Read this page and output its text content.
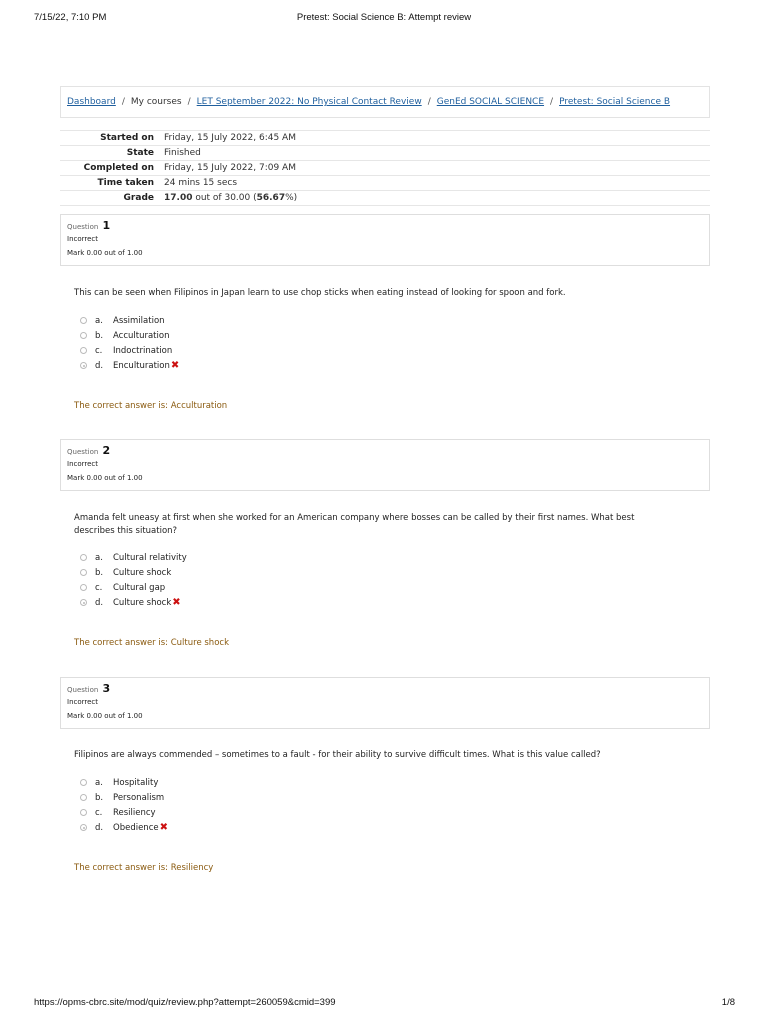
7/15/22, 7:10 PM	Pretest: Social Science B: Attempt review
Dashboard / My courses / LET September 2022: No Physical Contact Review / GenEd SOCIAL SCIENCE / Pretest: Social Science B
Started on	Friday, 15 July 2022, 6:45 AM
State	Finished
Completed on	Friday, 15 July 2022, 7:09 AM
Time taken	24 mins 15 secs
Grade	17.00 out of 30.00 (56.67%)
Question 1
Incorrect
Mark 0.00 out of 1.00
This can be seen when Filipinos in Japan learn to use chop sticks when eating instead of looking for spoon and fork.
a. Assimilation
b. Acculturation
c. Indoctrination
d. Enculturation✖
The correct answer is: Acculturation
Question 2
Incorrect
Mark 0.00 out of 1.00
Amanda felt uneasy at first when she worked for an American company where bosses can be called by their first names. What best
describes this situation?
a. Cultural relativity
b. Culture shock
c. Cultural gap
d. Culture shock✖
The correct answer is: Culture shock
Question 3
Incorrect
Mark 0.00 out of 1.00
Filipinos are always commended – sometimes to a fault - for their ability to survive difficult times. What is this value called?
a. Hospitality
b. Personalism
c. Resiliency
d. Obedience✖
The correct answer is: Resiliency
https://opms-cbrc.site/mod/quiz/review.php?attempt=260059&cmid=399	1/8
